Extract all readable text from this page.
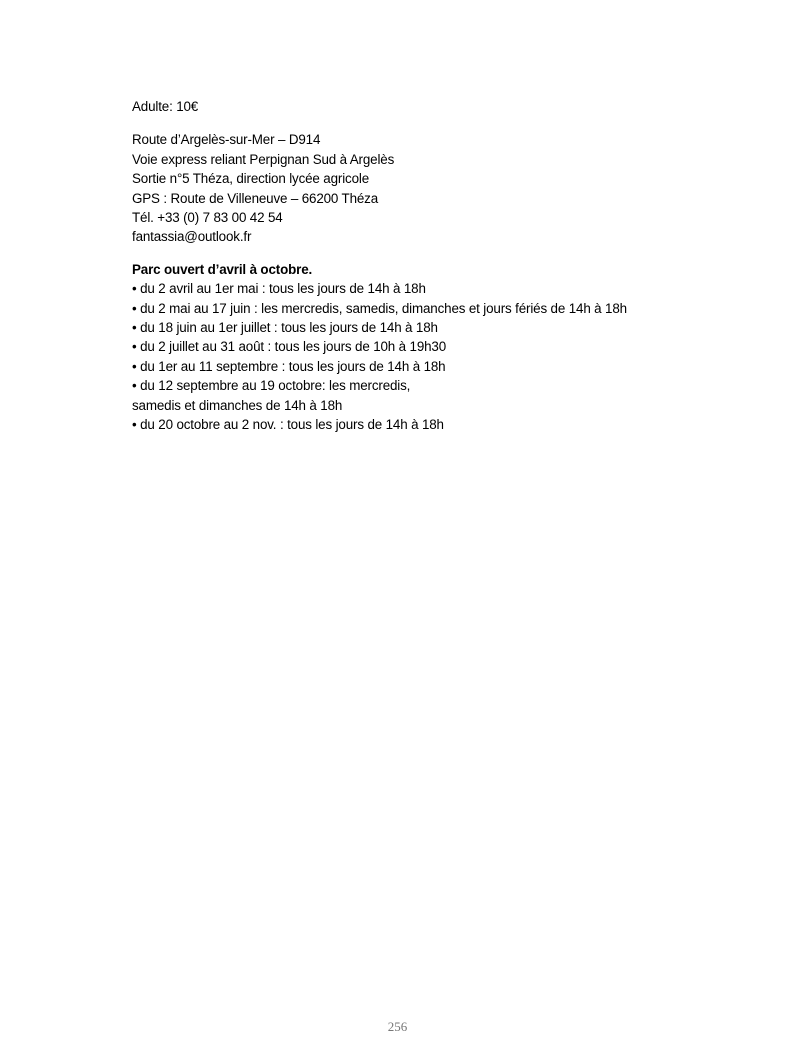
Adulte: 10€

Route d’Argelès-sur-Mer – D914

Voie express reliant Perpignan Sud à Argelès

Sortie n°5 Théza, direction lycée agricole

GPS : Route de Villeneuve – 66200 Théza

Tél. +33 (0) 7 83 00 42 54

fantassia@outlook.fr

Parc ouvert d’avril à octobre.

• du 2 avril au 1er mai : tous les jours de 14h à 18h

• du 2 mai au 17 juin : les mercredis, samedis, dimanches et jours fériés de 14h à 18h

• du 18 juin au 1er juillet : tous les jours de 14h à 18h

• du 2 juillet au 31 août : tous les jours de 10h à 19h30

• du 1er au 11 septembre : tous les jours de 14h à 18h

• du 12 septembre au 19 octobre: les mercredis,

samedis et dimanches de 14h à 18h

• du 20 octobre au 2 nov. : tous les jours de 14h à 18h

256
